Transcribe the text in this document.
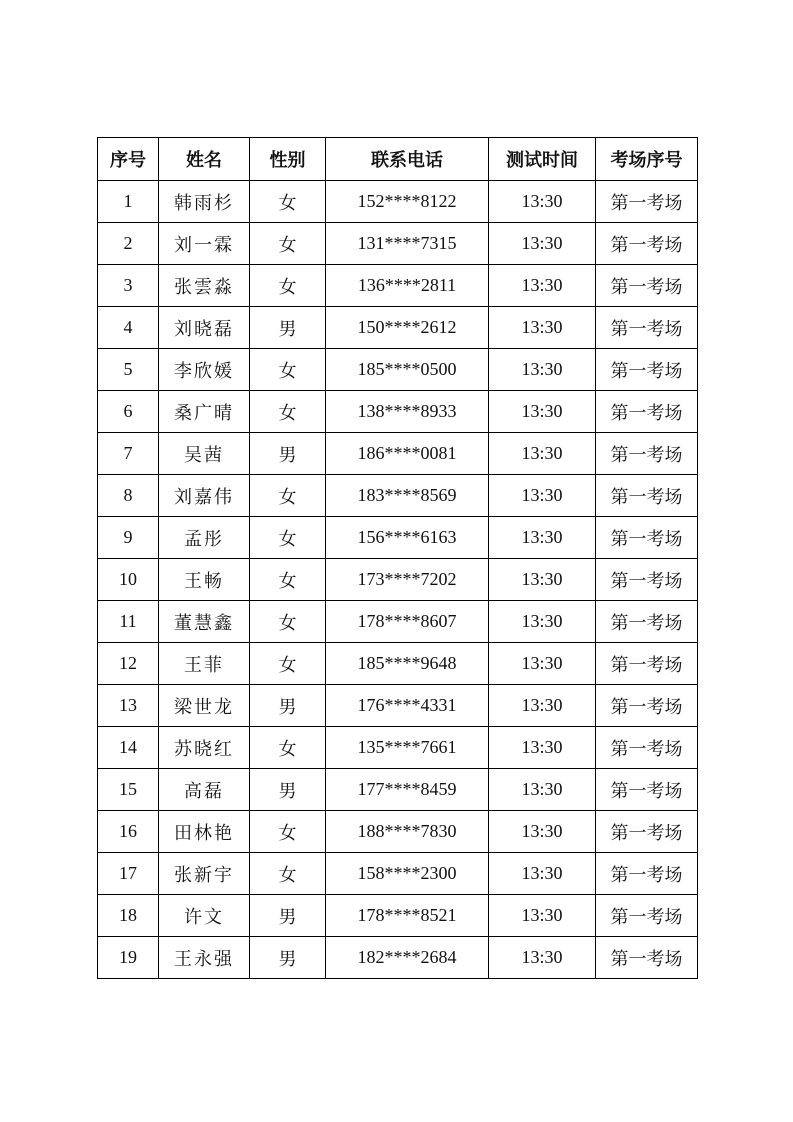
序号	姓名	性别	联系电话	测试时间	考场序号
1	韩雨杉	女	152****8122	13:30	第一考场
2	刘一霖	女	131****7315	13:30	第一考场
3	张雲淼	女	136****2811	13:30	第一考场
4	刘晓磊	男	150****2612	13:30	第一考场
5	李欣媛	女	185****0500	13:30	第一考场
6	桑广晴	女	138****8933	13:30	第一考场
7	吴茜	男	186****0081	13:30	第一考场
8	刘嘉伟	女	183****8569	13:30	第一考场
9	孟彤	女	156****6163	13:30	第一考场
10	王畅	女	173****7202	13:30	第一考场
11	董慧鑫	女	178****8607	13:30	第一考场
12	王菲	女	185****9648	13:30	第一考场
13	梁世龙	男	176****4331	13:30	第一考场
14	苏晓红	女	135****7661	13:30	第一考场
15	高磊	男	177****8459	13:30	第一考场
16	田林艳	女	188****7830	13:30	第一考场
17	张新宇	女	158****2300	13:30	第一考场
18	许文	男	178****8521	13:30	第一考场
19	王永强	男	182****2684	13:30	第一考场
